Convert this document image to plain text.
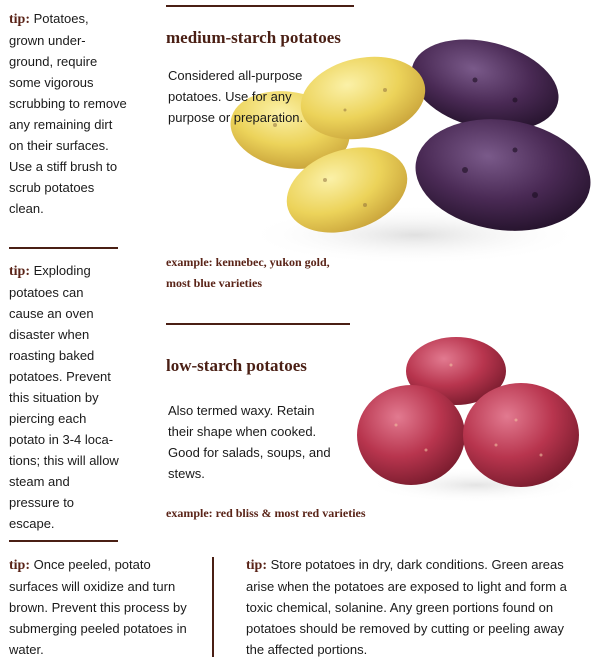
tip: Potatoes, grown under-ground, require some vigorous scrubbing to remove any remaining dirt on their surfaces. Use a stiff brush to scrub potatoes clean.
tip: Exploding potatoes can cause an oven disaster when roasting baked potatoes. Prevent this situation by piercing each potato in 3-4 loca-tions; this will allow steam and pressure to escape.
tip: Once peeled, potato surfaces will oxidize and turn brown. Prevent this process by submerging peeled potatoes in water.
tip: Store potatoes in dry, dark conditions. Green areas arise when the potatoes are exposed to light and form a toxic chemical, solanine. Any green portions found on potatoes should be removed by cutting or peeling away the affected portions.
medium-starch potatoes
Considered all-purpose potatoes. Use for any purpose or preparation.
example: kennebec, yukon gold,
most blue varieties
low-starch potatoes
Also termed waxy. Retain their shape when cooked. Good for salads, soups, and stews.
example: red bliss & most red varieties
